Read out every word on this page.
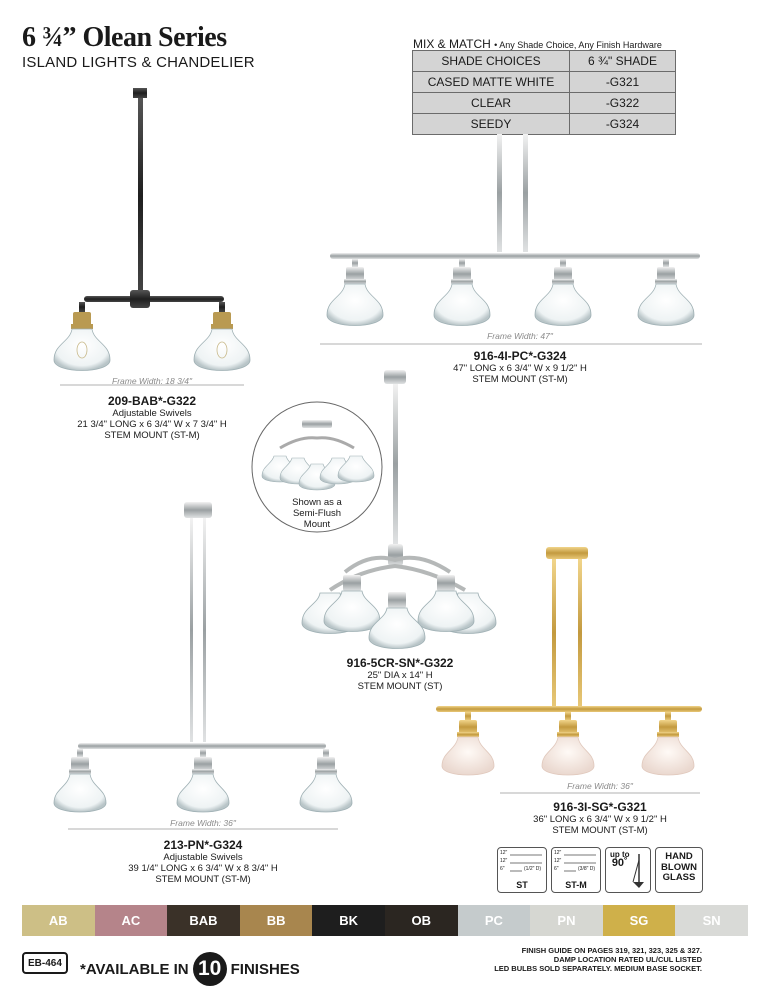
6 ¾” Olean Series
ISLAND LIGHTS & CHANDELIER
MIX & MATCH • Any Shade Choice, Any Finish Hardware
SHADE CHOICES	6 ¾" SHADE
CASED MATTE WHITE	-G321
CLEAR	-G322
SEEDY	-G324
Frame Width: 18 3/4"
209-BAB*-G322
Adjustable Swivels
21 3/4" LONG x 6 3/4" W x 7 3/4" H
STEM MOUNT (ST-M)
Frame Width: 47"
916-4I-PC*-G324
47" LONG x 6 3/4" W x 9 1/2" H
STEM MOUNT (ST-M)
Shown as a Semi-Flush Mount
916-5CR-SN*-G322
25" DIA x 14" H
STEM MOUNT (ST)
Frame Width: 36"
916-3I-SG*-G321
36" LONG x 6 3/4" W x 9 1/2" H
STEM MOUNT (ST-M)
Frame Width: 36"
213-PN*-G324
Adjustable Swivels
39 1/4" LONG x 6 3/4" W x 8 3/4" H
STEM MOUNT (ST-M)
12"
12"
6"	(1/2" D)
ST
12"
12"
6"	(3/8" D)
ST-M
up to
90˚
HAND
BLOWN
GLASS
AB	AC	BAB	BB	BK	OB	PC	PN	SG	SN
EB-464	*AVAILABLE IN 10 FINISHES
FINISH GUIDE ON PAGES 319, 321, 323, 325 & 327.
DAMP LOCATION RATED UL/CUL LISTED
LED BULBS SOLD SEPARATELY. MEDIUM BASE SOCKET.
